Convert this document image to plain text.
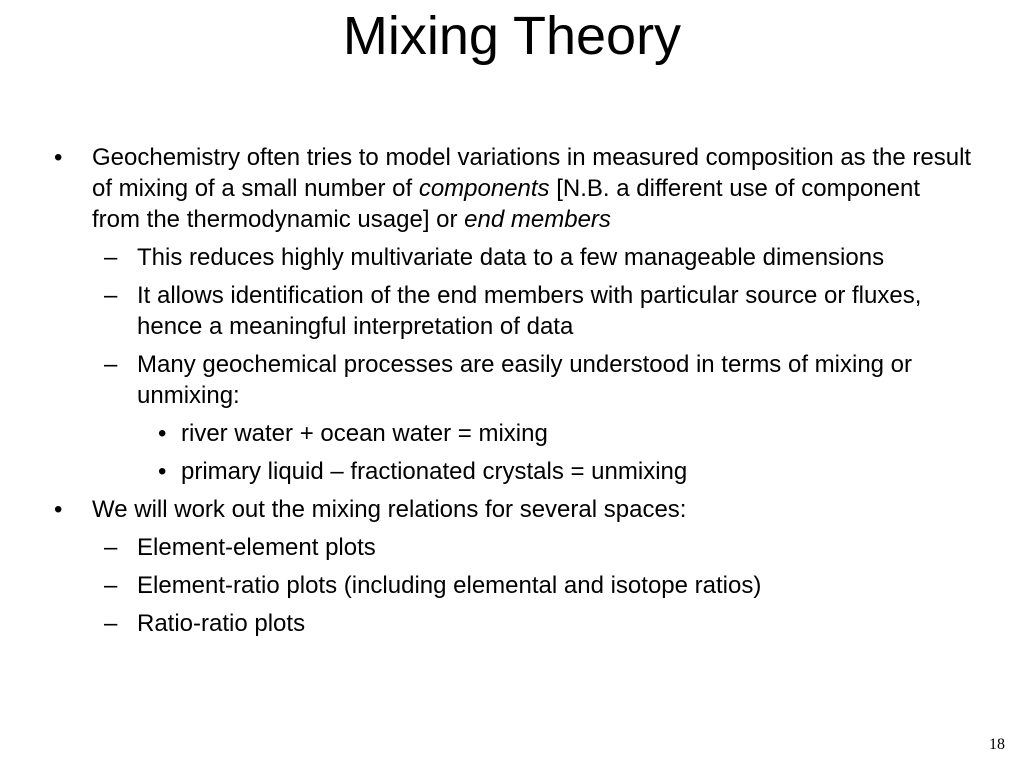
Mixing Theory
• Geochemistry often tries to model variations in measured composition as the result of mixing of a small number of components [N.B. a different use of component from the thermodynamic usage] or end members
– This reduces highly multivariate data to a few manageable dimensions
– It allows identification of the end members with particular source or fluxes, hence a meaningful interpretation of data
– Many geochemical processes are easily understood in terms of mixing or unmixing:
• river water + ocean water = mixing
• primary liquid – fractionated crystals = unmixing
• We will work out the mixing relations for several spaces:
– Element-element plots
– Element-ratio plots (including elemental and isotope ratios)
– Ratio-ratio plots
18
